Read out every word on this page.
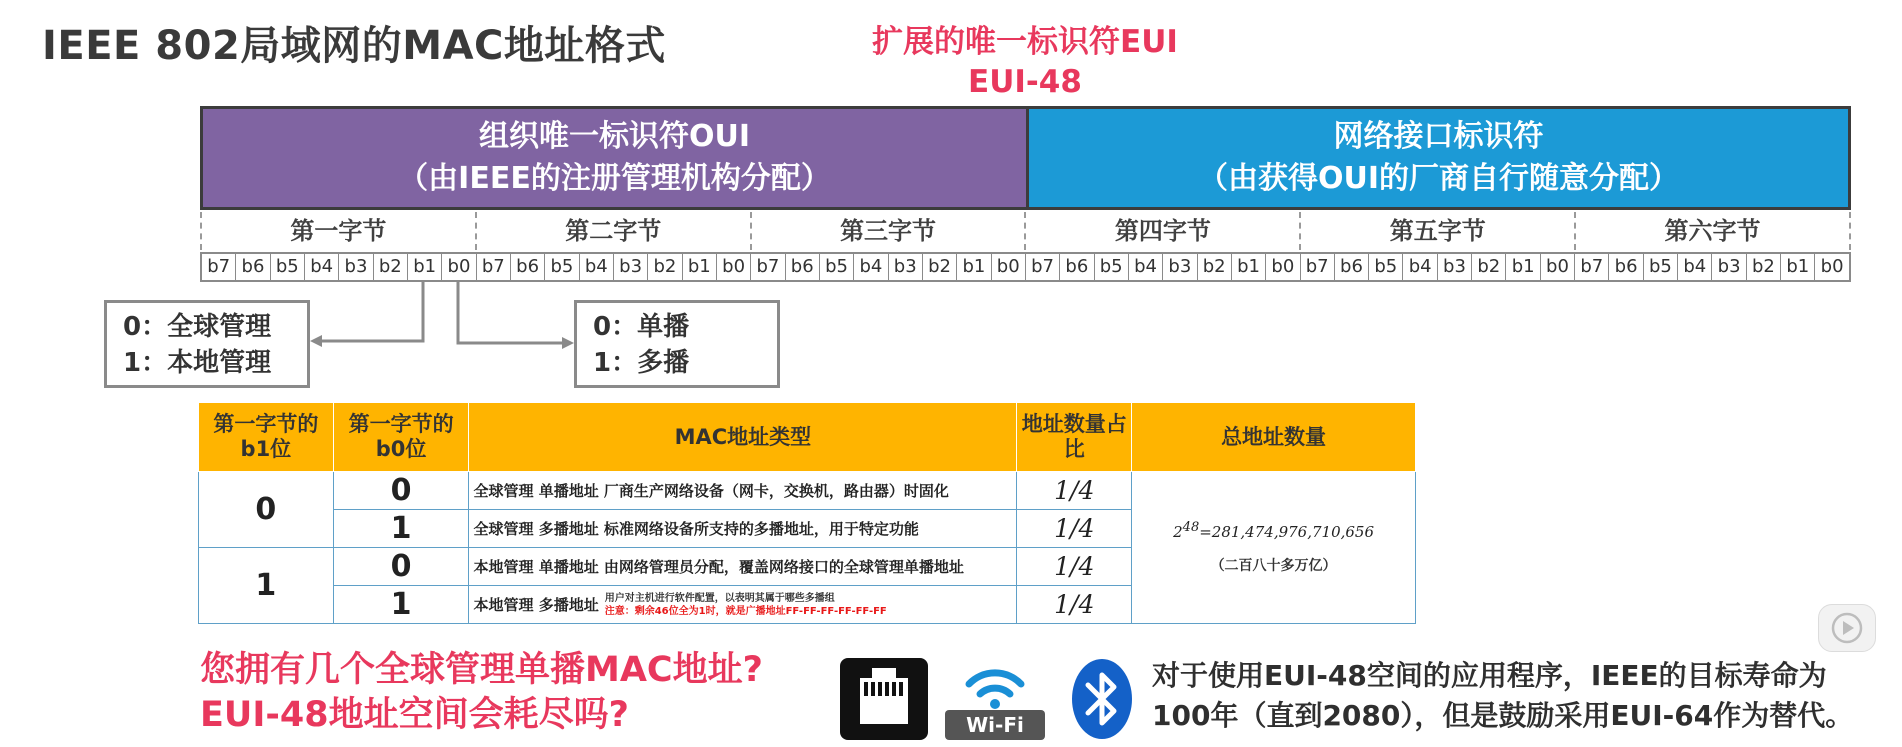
IEEE 802局域网的MAC地址格式	扩展的唯一标识符EUI
EUI-48
组织唯一标识符OUI
（由IEEE的注册管理机构分配）
网络接口标识符
（由获得OUI的厂商自行随意分配）
第一字节	第二字节	第三字节	第四字节	第五字节	第六字节
b7 b6 b5 b4 b3 b2 b1 b0 b7 b6 b5 b4 b3 b2 b1 b0 b7 b6 b5 b4 b3 b2 b1 b0 b7 b6 b5 b4 b3 b2 b1 b0 b7 b6 b5 b4 b3 b2 b1 b0 b7 b6 b5 b4 b3 b2 b1 b0
0：全球管理
1：本地管理
0：单播
1：多播
第一字节的b1位	第一字节的b0位	MAC地址类型	地址数量占比	总地址数量
0	0	全球管理 单播地址 厂商生产网络设备（网卡，交换机，路由器）时固化	1/4	$2^{48}=281,474,976,710,656$
（二百八十多万亿）

	1	全球管理 多播地址 标准网络设备所支持的多播地址，用于特定功能	1/4	
1	0	本地管理 单播地址 由网络管理员分配，覆盖网络接口的全球管理单播地址	1/4	
	1	本地管理 多播地址 用户对主机进行软件配置，以表明其属于哪些多播组
注意：剩余46位全为1时，就是广播地址FF-FF-FF-FF-FF-FF	1/4	
您拥有几个全球管理单播MAC地址?
EUI-48地址空间会耗尽吗?	Wi-Fi
对于使用EUI-48空间的应用程序，IEEE的目标寿命为
100年（直到2080），但是鼓励采用EUI-64作为替代。
